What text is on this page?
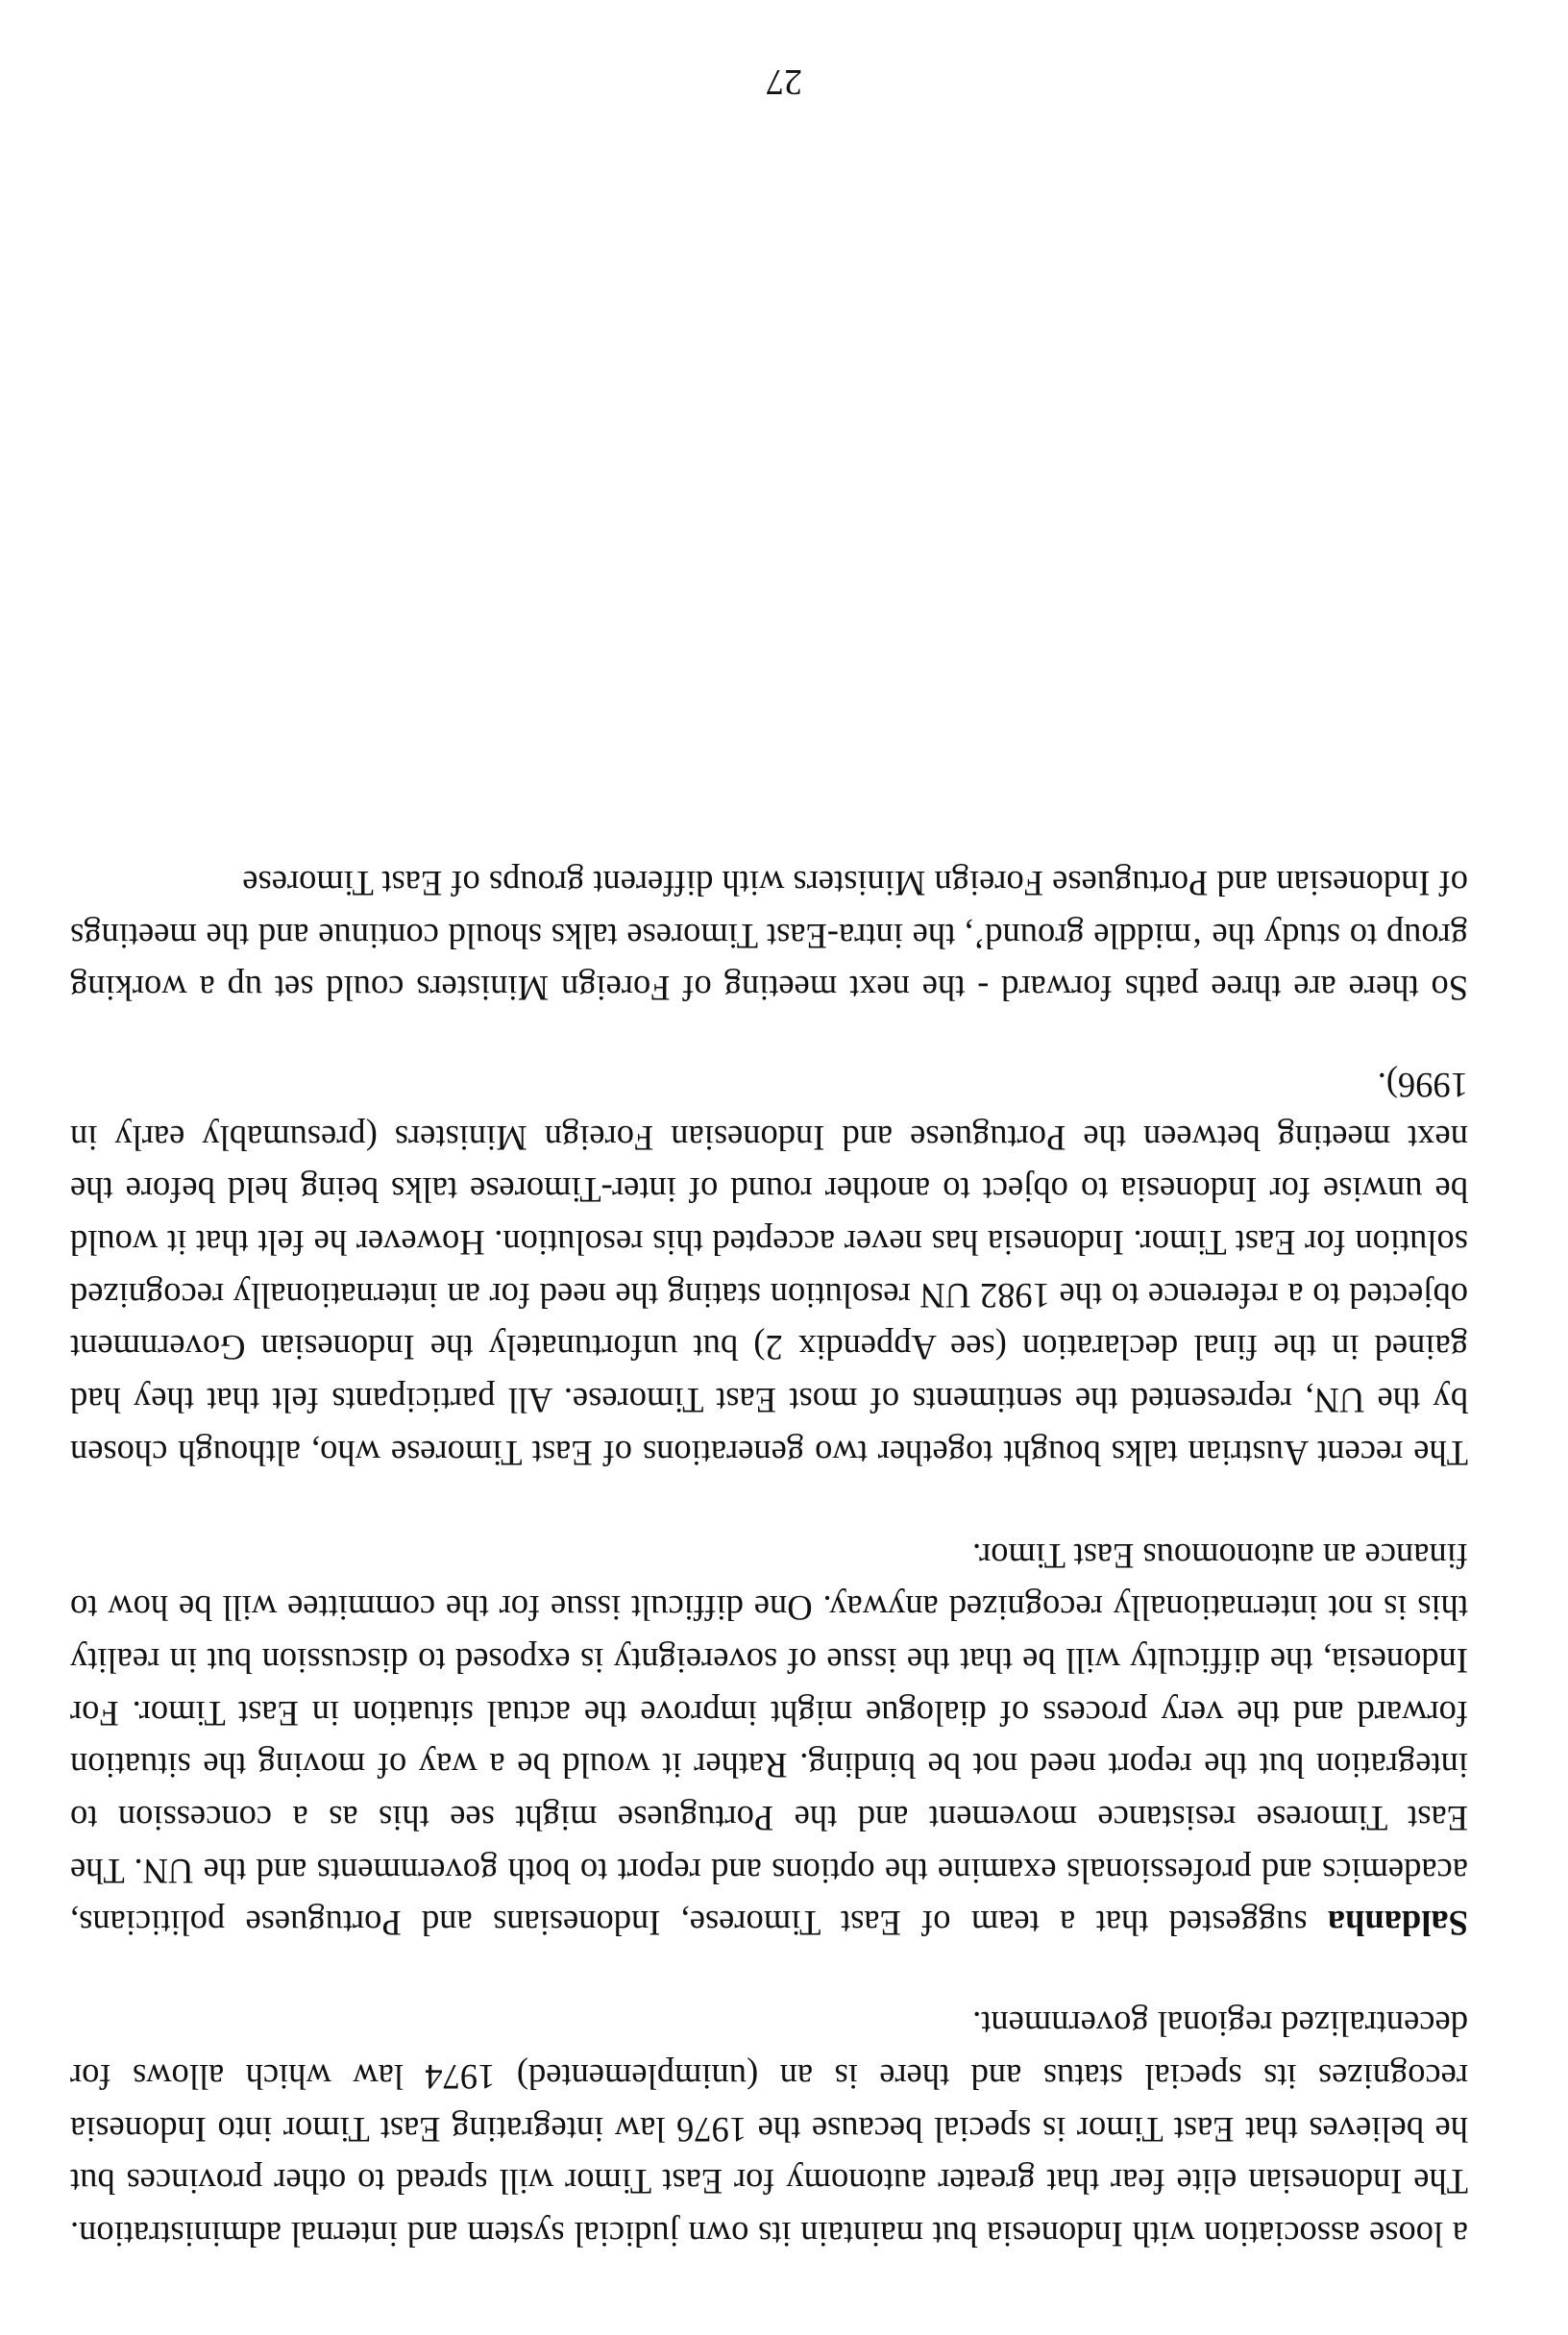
a loose association with Indonesia but maintain its own judicial system and internal administration. The Indonesian elite fear that greater autonomy for East Timor will spread to other provinces but he believes that East Timor is special because the 1976 law integrating East Timor into Indonesia recognizes its special status and there is an (unimplemented) 1974 law which allows for decentralized regional government.

Saldanha suggested that a team of East Timorese, Indonesians and Portuguese politicians, academics and professionals examine the options and report to both governments and the UN. The East Timorese resistance movement and the Portuguese might see this as a concession to integration but the report need not be binding. Rather it would be a way of moving the situation forward and the very process of dialogue might improve the actual situation in East Timor. For Indonesia, the difficulty will be that the issue of sovereignty is exposed to discussion but in reality this is not internationally recognized anyway. One difficult issue for the committee will be how to finance an autonomous East Timor.

The recent Austrian talks bought together two generations of East Timorese who, although chosen by the UN, represented the sentiments of most East Timorese. All participants felt that they had gained in the final declaration (see Appendix 2) but unfortunately the Indonesian Government objected to a reference to the 1982 UN resolution stating the need for an internationally recognized solution for East Timor. Indonesia has never accepted this resolution. However he felt that it would be unwise for Indonesia to object to another round of inter-Timorese talks being held before the next meeting between the Portuguese and Indonesian Foreign Ministers (presumably early in 1996).

So there are three paths forward - the next meeting of Foreign Ministers could set up a working group to study the ‘middle ground’, the intra-East Timorese talks should continue and the meetings of Indonesian and Portuguese Foreign Ministers with different groups of East Timorese

27
